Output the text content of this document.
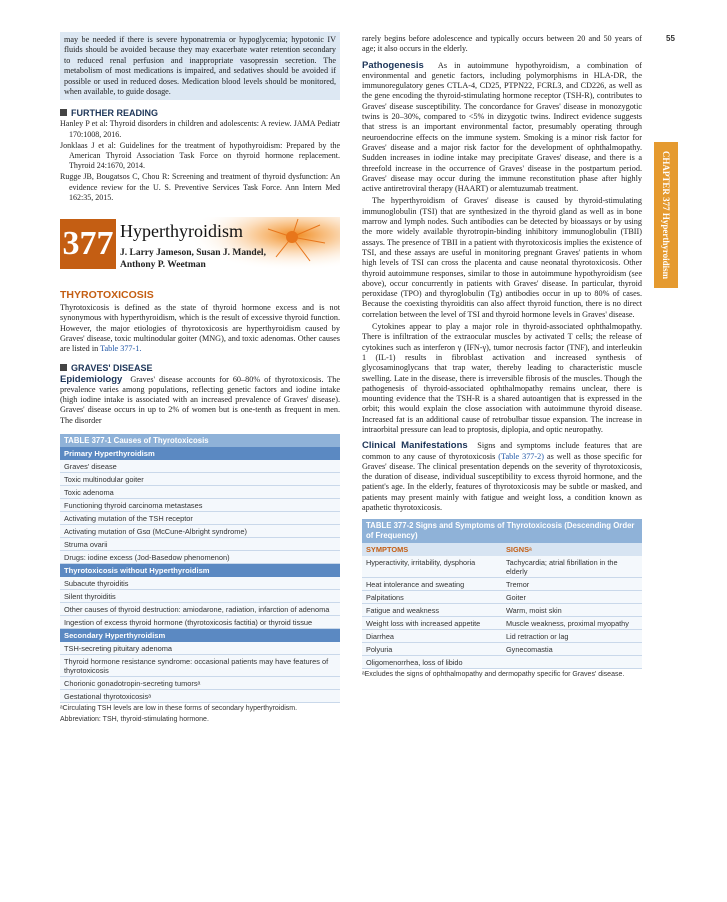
55
CHAPTER 377 Hyperthyroidism
may be needed if there is severe hyponatremia or hypoglycemia; hypotonic IV fluids should be avoided because they may exacerbate water retention secondary to reduced renal perfusion and inappropriate vasopressin secretion. The metabolism of most medications is impaired, and sedatives should be avoided if possible or used in reduced doses. Medication blood levels should be monitored, when available, to guide dosage.
FURTHER READING
Hanley P et al: Thyroid disorders in children and adolescents: A review. JAMA Pediatr 170:1008, 2016.
Jonklaas J et al: Guidelines for the treatment of hypothyroidism: Prepared by the American Thyroid Association Task Force on thyroid hormone replacement. Thyroid 24:1670, 2014.
Rugge JB, Bougatsos C, Chou R: Screening and treatment of thyroid dysfunction: An evidence review for the U. S. Preventive Services Task Force. Ann Intern Med 162:35, 2015.
377 Hyperthyroidism
J. Larry Jameson, Susan J. Mandel,
Anthony P. Weetman
THYROTOXICOSIS
Thyrotoxicosis is defined as the state of thyroid hormone excess and is not synonymous with hyperthyroidism, which is the result of excessive thyroid function. However, the major etiologies of thyrotoxicosis are hyperthyroidism caused by Graves' disease, toxic multinodular goiter (MNG), and toxic adenomas. Other causes are listed in Table 377-1.
GRAVES' DISEASE
Epidemiology Graves' disease accounts for 60–80% of thyrotoxicosis. The prevalence varies among populations, reflecting genetic factors and iodine intake (high iodine intake is associated with an increased prevalence of Graves' disease). Graves' disease occurs in up to 2% of women but is one-tenth as frequent in men. The disorder
TABLE 377-1 Causes of Thyrotoxicosis
Primary Hyperthyroidism
Graves' disease
Toxic multinodular goiter
Toxic adenoma
Functioning thyroid carcinoma metastases
Activating mutation of the TSH receptor
Activating mutation of Gsα (McCune-Albright syndrome)
Struma ovarii
Drugs: iodine excess (Jod-Basedow phenomenon)
Thyrotoxicosis without Hyperthyroidism
Subacute thyroiditis
Silent thyroiditis
Other causes of thyroid destruction: amiodarone, radiation, infarction of adenoma
Ingestion of excess thyroid hormone (thyrotoxicosis factitia) or thyroid tissue
Secondary Hyperthyroidism
TSH-secreting pituitary adenoma
Thyroid hormone resistance syndrome: occasional patients may have features of thyrotoxicosis
Chorionic gonadotropin-secreting tumorsᵃ
Gestational thyrotoxicosisᵃ
ᵃCirculating TSH levels are low in these forms of secondary hyperthyroidism.
Abbreviation: TSH, thyroid-stimulating hormone.
rarely begins before adolescence and typically occurs between 20 and 50 years of age; it also occurs in the elderly.
Pathogenesis As in autoimmune hypothyroidism, a combination of environmental and genetic factors, including polymorphisms in HLA-DR, the immunoregulatory genes CTLA-4, CD25, PTPN22, FCRL3, and CD226, as well as the gene encoding the thyroid-stimulating hormone receptor (TSH-R), contributes to Graves' disease susceptibility. The concordance for Graves' disease in monozygotic twins is 20–30%, compared to <5% in dizygotic twins. Indirect evidence suggests that stress is an important environmental factor, presumably operating through neuroendocrine effects on the immune system. Smoking is a minor risk factor for Graves' disease and a major risk factor for the development of ophthalmopathy. Sudden increases in iodine intake may precipitate Graves' disease, and there is a threefold increase in the occurrence of Graves' disease in the postpartum period. Graves' disease may occur during the immune reconstitution phase after highly active antiretroviral therapy (HAART) or alemtuzumab treatment.
The hyperthyroidism of Graves' disease is caused by thyroid-stimulating immunoglobulin (TSI) that are synthesized in the thyroid gland as well as in bone marrow and lymph nodes. Such antibodies can be detected by bioassays or by using the more widely available thyrotropin-binding inhibitory immunoglobulin (TBII) assays. The presence of TBII in a patient with thyrotoxicosis implies the existence of TSI, and these assays are useful in monitoring pregnant Graves' patients in whom high levels of TSI can cross the placenta and cause neonatal thyrotoxicosis. Other thyroid autoimmune responses, similar to those in autoimmune hypothyroidism (see above), occur concurrently in patients with Graves' disease. In particular, thyroid peroxidase (TPO) and thyroglobulin (Tg) antibodies occur in up to 80% of cases. Because the coexisting thyroiditis can also affect thyroid function, there is no direct correlation between the level of TSI and thyroid hormone levels in Graves' disease.
Cytokines appear to play a major role in thyroid-associated ophthalmopathy. There is infiltration of the extraocular muscles by activated T cells; the release of cytokines such as interferon γ (IFN-γ), tumor necrosis factor (TNF), and interleukin 1 (IL-1) results in fibroblast activation and increased synthesis of glycosaminoglycans that trap water, thereby leading to characteristic muscle swelling. Late in the disease, there is irreversible fibrosis of the muscles. Though the pathogenesis of thyroid-associated ophthalmopathy remains unclear, there is mounting evidence that the TSH-R is a shared autoantigen that is expressed in the orbit; this would explain the close association with autoimmune thyroid disease. Increased fat is an additional cause of retrobulbar tissue expansion. The increase in intraorbital pressure can lead to proptosis, diplopia, and optic neuropathy.
Clinical Manifestations Signs and symptoms include features that are common to any cause of thyrotoxicosis (Table 377-2) as well as those specific for Graves' disease. The clinical presentation depends on the severity of thyrotoxicosis, the duration of disease, individual susceptibility to excess thyroid hormone, and the patient's age. In the elderly, features of thyrotoxicosis may be subtle or masked, and patients may present mainly with fatigue and weight loss, a condition known as apathetic thyrotoxicosis.
TABLE 377-2 Signs and Symptoms of Thyrotoxicosis (Descending Order of Frequency)
SYMPTOMS	SIGNSᵃ
Hyperactivity, irritability, dysphoria	Tachycardia; atrial fibrillation in the elderly
Heat intolerance and sweating	Tremor
Palpitations	Goiter
Fatigue and weakness	Warm, moist skin
Weight loss with increased appetite	Muscle weakness, proximal myopathy
Diarrhea	Lid retraction or lag
Polyuria	Gynecomastia
Oligomenorrhea, loss of libido
ᵃExcludes the signs of ophthalmopathy and dermopathy specific for Graves' disease.
